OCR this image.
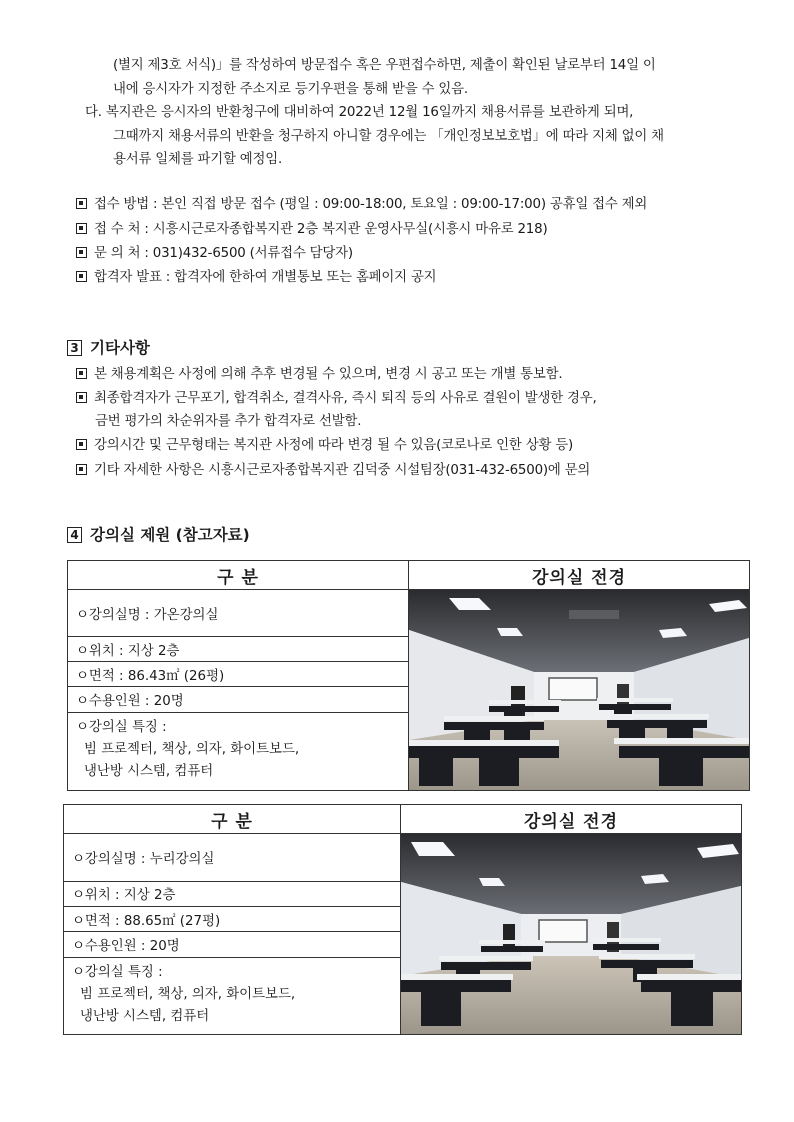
(별지 제3호 서식)」를 작성하여 방문접수 혹은 우편접수하면, 제출이 확인된 날로부터 14일 이
내에 응시자가 지정한 주소지로 등기우편을 통해 받을 수 있음.
다. 복지관은 응시자의 반환청구에 대비하여 2022년 12월 16일까지 채용서류를 보관하게 되며,
그때까지 채용서류의 반환을 청구하지 아니할 경우에는 「개인정보보호법」에 따라 지체 없이 채
용서류 일체를 파기할 예정임.
접수 방법 : 본인 직접 방문 접수 (평일 : 09:00-18:00, 토요일 : 09:00-17:00) 공휴일 접수 제외
접 수 처 : 시흥시근로자종합복지관 2층 복지관 운영사무실(시흥시 마유로 218)
문 의 처 : 031)432-6500 (서류접수 담당자)
합격자 발표 : 합격자에 한하여 개별통보 또는 홈페이지 공지
3 기타사항
본 채용계획은 사정에 의해 추후 변경될 수 있으며, 변경 시 공고 또는 개별 통보함.
최종합격자가 근무포기, 합격취소, 결격사유, 즉시 퇴직 등의 사유로 결원이 발생한 경우,
금번 평가의 차순위자를 추가 합격자로 선발함.
강의시간 및 근무형태는 복지관 사정에 따라 변경 될 수 있음(코로나로 인한 상황 등)
기타 자세한 사항은 시흥시근로자종합복지관 김덕중 시설팀장(031-432-6500)에 문의
4 강의실 제원 (참고자료)
구 분	강의실 전경
ㅇ강의실명 : 가온강의실	

ㅇ위치 : 지상 2층	
ㅇ면적 : 86.43㎡ (26평)	
ㅇ수용인원 : 20명	

ㅇ강의실 특징 :
빔 프로젝터, 책상, 의자, 화이트보드,
냉난방 시스템, 컴퓨터	
구 분	강의실 전경
ㅇ강의실명 : 누리강의실	

ㅇ위치 : 지상 2층	
ㅇ면적 : 88.65㎡ (27평)	
ㅇ수용인원 : 20명	

ㅇ강의실 특징 :
빔 프로젝터, 책상, 의자, 화이트보드,
냉난방 시스템, 컴퓨터	
